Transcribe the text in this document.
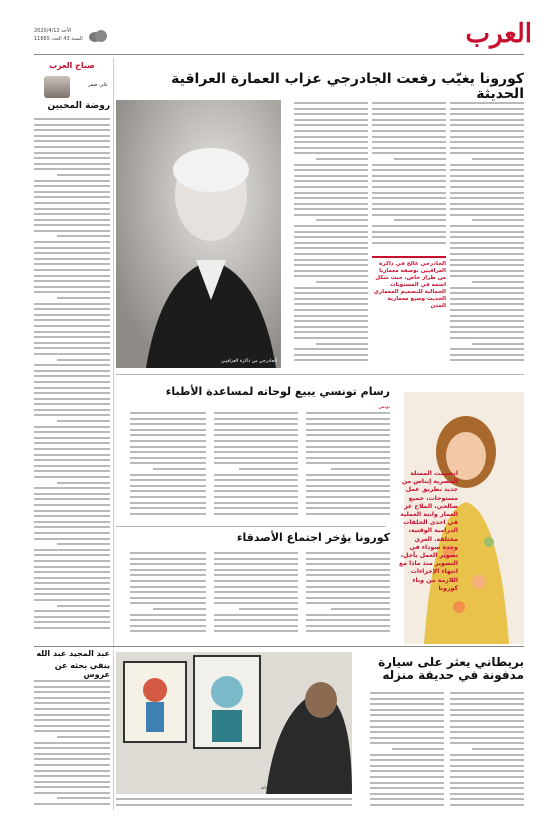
العرب
الأحد 2020/4/12
السنة 43 العدد 11665
صباح العرب
علي صقر
روضة المحبين
كورونا يغيّب رفعت الجادرجي عزاب العمارة العراقية الحديثة
الجادرجي من ذاكرة العراقيين
الجادرجي عالج في ذاكرة العراقيين بوصفه معماريا من طراز خاص، حيث شكل اسمه في المستويات الجمالية للتصميم المعماري الحديث وصيغ معمارية المدن
ابتسمت الممثلة المصرية إيناس من جديد بطريق عمل مستوحات، جميع صالحي، الملاح عز العمار وابنة العملية في احدى الحلقات الدرامية الوقتية، مختلفة. العري وحدة سوداء في تصوير العمل بأجل، التصوير منذ ماذا مع انتهاء الإجراءات اللازمة من وباء كورونا
رسام تونسي يبيع لوحاته لمساعدة الأطباء
تونس
كورونا يؤخر اجتماع الأصدقاء
عبد المجيد عبد الله
ينفي بحثه عن عروس
رسام تونسي يرسم أطباء ومرضى على لوحاته
بريطاني يعثر على سيارة مدفونة في حديقة منزله
